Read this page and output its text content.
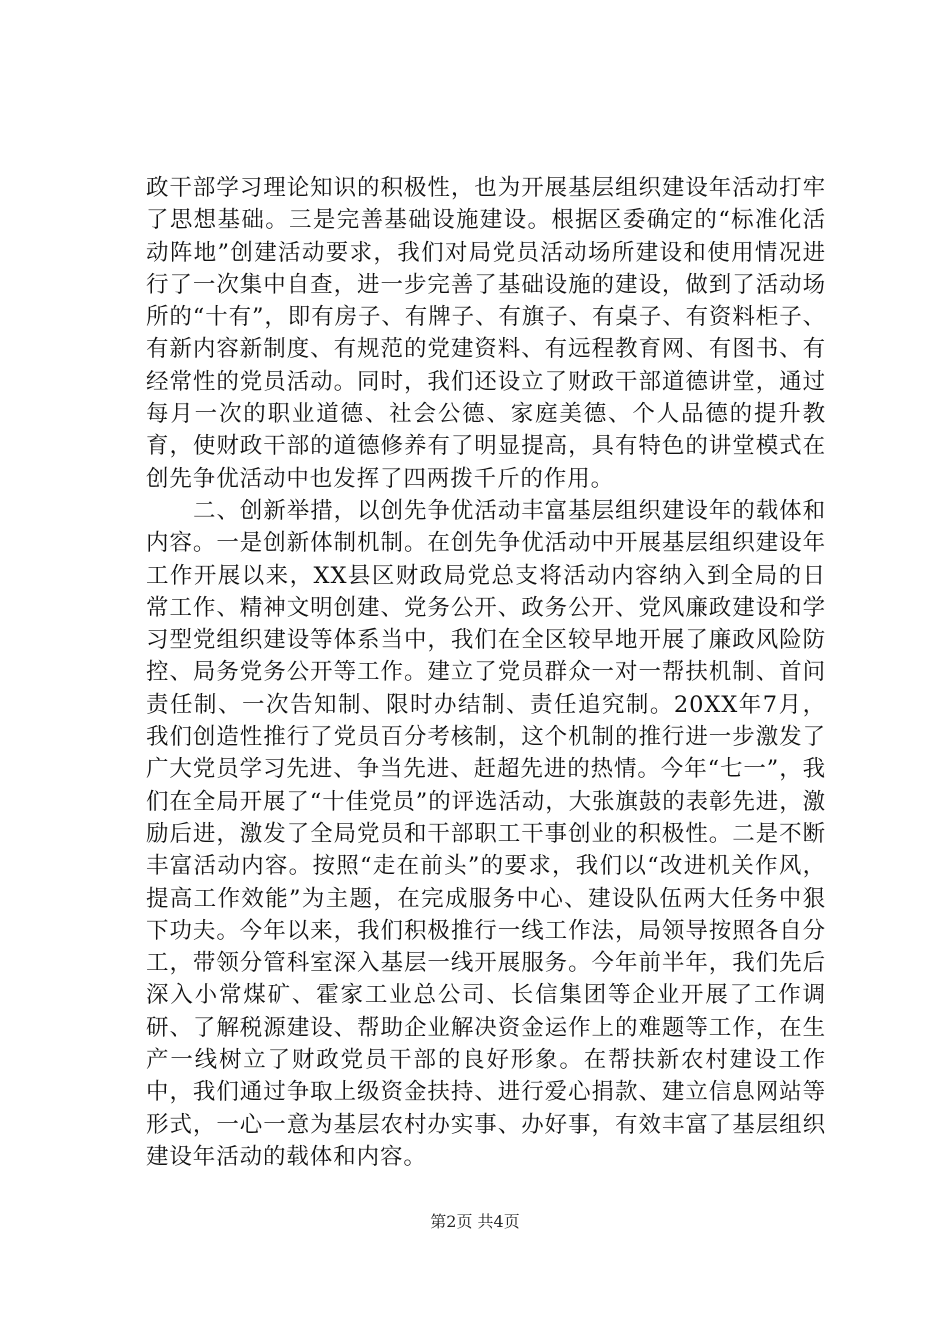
政干部学习理论知识的积极性，也为开展基层组织建设年活动打牢了思想基础。三是完善基础设施建设。根据区委确定的“标准化活动阵地”创建活动要求，我们对局党员活动场所建设和使用情况进行了一次集中自查，进一步完善了基础设施的建设，做到了活动场所的“十有”，即有房子、有牌子、有旗子、有桌子、有资料柜子、有新内容新制度、有规范的党建资料、有远程教育网、有图书、有经常性的党员活动。同时，我们还设立了财政干部道德讲堂，通过每月一次的职业道德、社会公德、家庭美德、个人品德的提升教育，使财政干部的道德修养有了明显提高，具有特色的讲堂模式在创先争优活动中也发挥了四两拨千斤的作用。

二、创新举措，以创先争优活动丰富基层组织建设年的载体和内容。一是创新体制机制。在创先争优活动中开展基层组织建设年工作开展以来，XX县区财政局党总支将活动内容纳入到全局的日常工作、精神文明创建、党务公开、政务公开、党风廉政建设和学习型党组织建设等体系当中，我们在全区较早地开展了廉政风险防控、局务党务公开等工作。建立了党员群众一对一帮扶机制、首问责任制、一次告知制、限时办结制、责任追究制。20XX年7月，我们创造性推行了党员百分考核制，这个机制的推行进一步激发了广大党员学习先进、争当先进、赶超先进的热情。今年“七一”，我们在全局开展了“十佳党员”的评选活动，大张旗鼓的表彰先进，激励后进，激发了全局党员和干部职工干事创业的积极性。二是不断丰富活动内容。按照“走在前头”的要求，我们以“改进机关作风，提高工作效能”为主题，在完成服务中心、建设队伍两大任务中狠下功夫。今年以来，我们积极推行一线工作法，局领导按照各自分工，带领分管科室深入基层一线开展服务。今年前半年，我们先后深入小常煤矿、霍家工业总公司、长信集团等企业开展了工作调研、了解税源建设、帮助企业解决资金运作上的难题等工作，在生产一线树立了财政党员干部的良好形象。在帮扶新农村建设工作中，我们通过争取上级资金扶持、进行爱心捐款、建立信息网站等形式，一心一意为基层农村办实事、办好事，有效丰富了基层组织建设年活动的载体和内容。

第2页 共4页
